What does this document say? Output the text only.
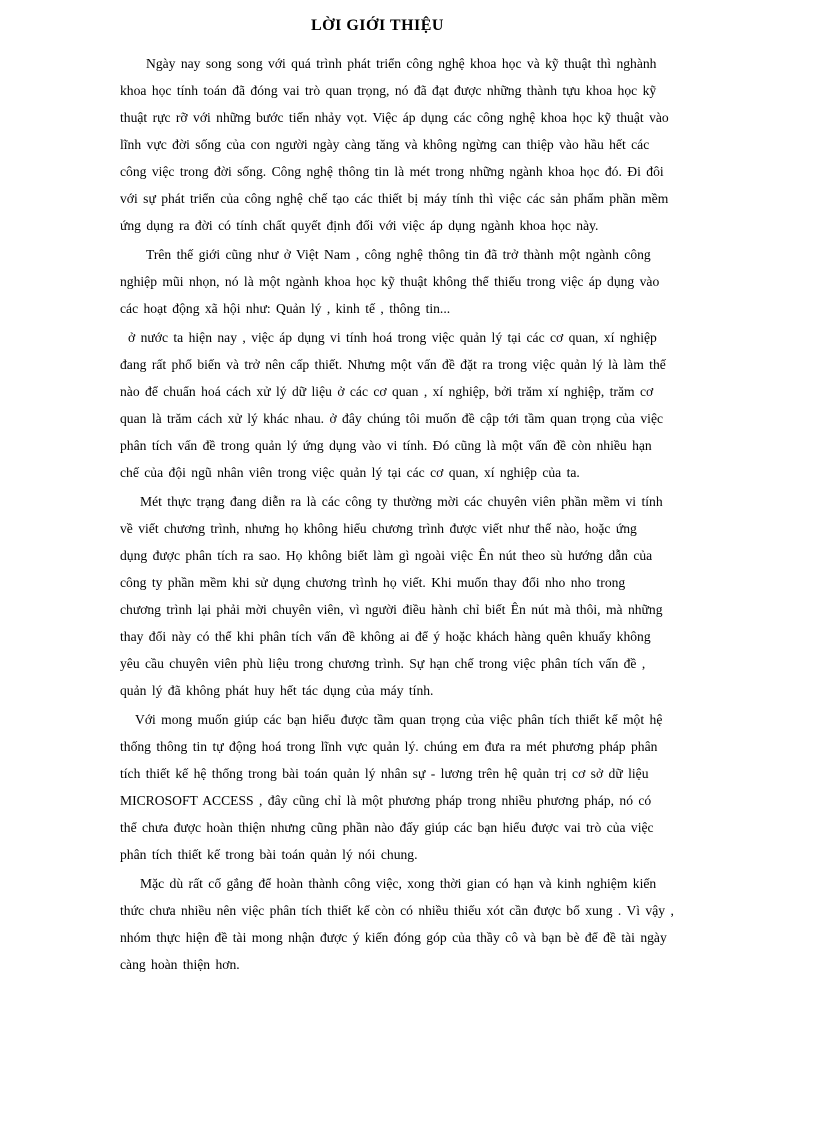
LỜI GIỚI THIỆU
Ngày nay song song với quá trình phát triển công nghệ khoa học và kỹ thuật thì nghành
khoa học tính toán đã đóng vai trò quan trọng, nó đã đạt được những thành tựu khoa học kỹ
thuật rực rỡ với những bước tiến nhảy vọt. Việc áp dụng các công nghệ khoa học kỹ thuật vào
lĩnh vực đời sống của con người ngày càng tăng và không ngừng can thiệp vào hầu hết các
công việc trong đời sống. Công nghệ thông tin là mét trong những ngành khoa học đó. Đi đôi
với sự phát triển của công nghệ chế tạo các thiết bị máy tính thì việc các sản phẩm phần mềm
ứng dụng ra đời có tính chất quyết định đối với việc áp dụng ngành khoa học này.
Trên thế giới cũng như ở Việt Nam , công nghệ thông tin đã trở thành một ngành công
nghiệp mũi nhọn, nó là một ngành khoa học kỹ thuật không thể thiếu trong việc áp dụng vào
các hoạt động xã hội như: Quản lý , kinh tế , thông tin...
ở nước ta hiện nay , việc áp dụng vi tính hoá trong việc quản lý tại các cơ quan, xí nghiệp
đang rất phổ biến và trở nên cấp thiết. Nhưng một vấn đề đặt ra trong việc quản lý là làm thế
nào để chuẩn hoá cách xử lý dữ liệu ở các cơ quan , xí nghiệp, bởi trăm xí nghiệp, trăm cơ
quan là trăm cách xử lý khác nhau. ở đây chúng tôi muốn đề cập tới tầm quan trọng của việc
phân tích vấn đề trong quản lý ứng dụng vào vi tính. Đó cũng là một vấn đề còn nhiều hạn
chế của đội ngũ nhân viên trong việc quản lý tại các cơ quan, xí nghiệp của ta.
Mét thực trạng đang diễn ra là các công ty thường mời các chuyên viên phần mềm vi tính
về viết chương trình, nhưng họ không hiểu chương trình được viết như thế nào, hoặc ứng
dụng được phân tích ra sao. Họ không biết làm gì ngoài việc Ên nút theo sù hướng dẫn của
công ty phần mềm khi sử dụng chương trình họ viết. Khi muốn thay đổi nho nho trong
chương trình lại phải mời chuyên viên, vì người điều hành chỉ biết Ên nút mà thôi, mà những
thay đổi này có thể khi phân tích vấn đề không ai để ý hoặc khách hàng quên khuấy không
yêu cầu chuyên viên phù liệu trong chương trình. Sự hạn chế trong việc phân tích vấn đề ,
quản lý đã không phát huy hết tác dụng của máy tính.
Với mong muốn giúp các bạn hiểu được tầm quan trọng của việc phân tích thiết kế một hệ
thống thông tin tự động hoá trong lĩnh vực quản lý. chúng em đưa ra mét phương pháp phân
tích thiết kế hệ thống trong bài toán quản lý nhân sự - lương trên hệ quản trị cơ sở dữ liệu
MICROSOFT ACCESS , đây cũng chỉ là một phương pháp trong nhiều phương pháp, nó có
thể chưa được hoàn thiện nhưng cũng phần nào đấy giúp các bạn hiểu được vai trò của việc
phân tích thiết kế trong bài toán quản lý nói chung.
Mặc dù rất cố gắng để hoàn thành công việc, xong thời gian có hạn và kinh nghiệm kiến
thức chưa nhiều nên việc phân tích thiết kế còn có nhiều thiếu xót cần được bổ xung . Vì vậy ,
nhóm thực hiện đề tài mong nhận được ý kiến đóng góp của thầy cô và bạn bè để đề tài ngày
càng hoàn thiện hơn.
